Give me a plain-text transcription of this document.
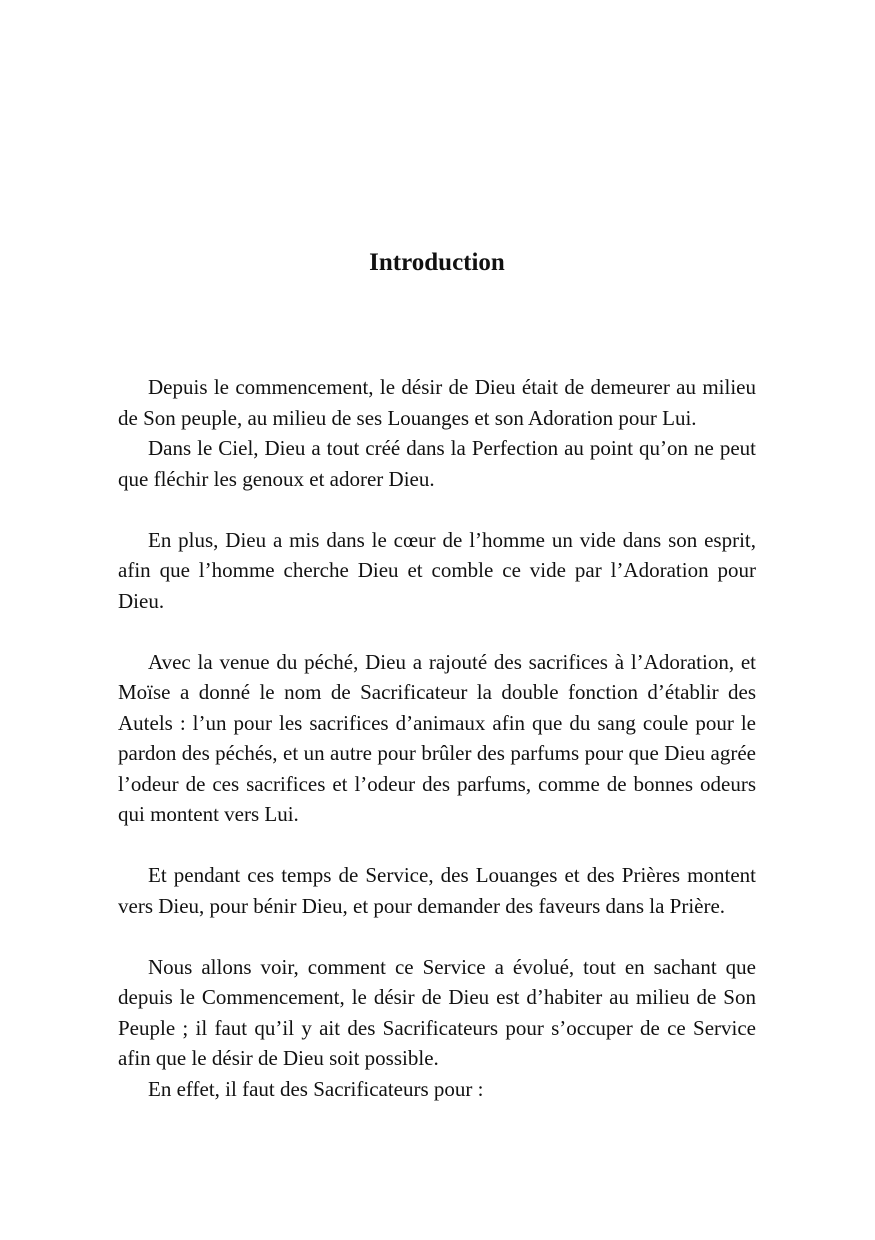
Introduction

Depuis le commencement, le désir de Dieu était de demeurer au milieu de Son peuple, au milieu de ses Louanges et son Adoration pour Lui.

Dans le Ciel, Dieu a tout créé dans la Perfection au point qu’on ne peut que fléchir les genoux et adorer Dieu.

En plus, Dieu a mis dans le cœur de l’homme un vide dans son esprit, afin que l’homme cherche Dieu et comble ce vide par l’Adoration pour Dieu.

Avec la venue du péché, Dieu a rajouté des sacrifices à l’Adoration, et Moïse a donné le nom de Sacrificateur la double fonction d’établir des Autels : l’un pour les sacrifices d’animaux afin que du sang coule pour le pardon des péchés, et un autre pour brûler des parfums pour que Dieu agrée l’odeur de ces sacrifices et l’odeur des parfums, comme de bonnes odeurs qui montent vers Lui.

Et pendant ces temps de Service, des Louanges et des Prières montent vers Dieu, pour bénir Dieu, et pour demander des faveurs dans la Prière.

Nous allons voir, comment ce Service a évolué, tout en sachant que depuis le Commencement, le désir de Dieu est d’habiter au milieu de Son Peuple ; il faut qu’il y ait des Sacrificateurs pour s’occuper de ce Service afin que le désir de Dieu soit possible.

En effet, il faut des Sacrificateurs pour :
